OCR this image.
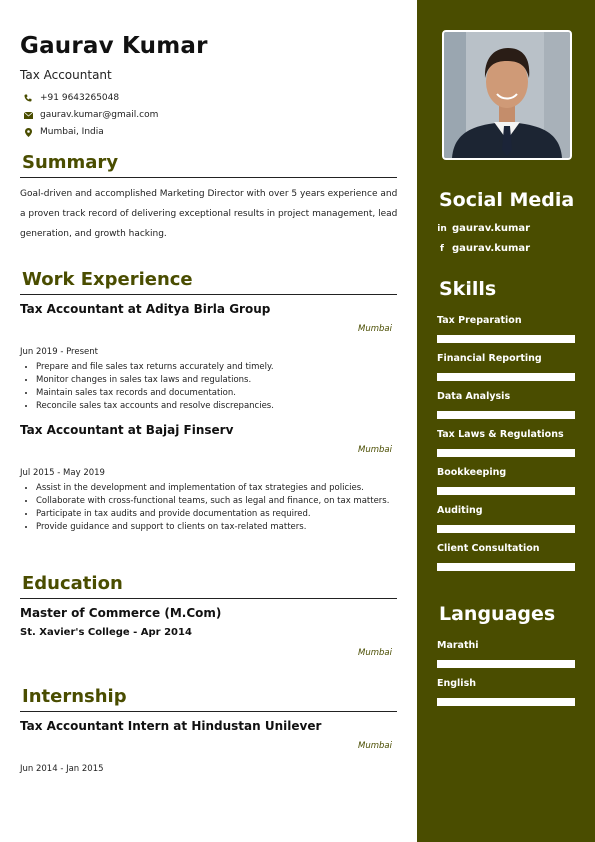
Gaurav Kumar
Tax Accountant
+91 9643265048
gaurav.kumar@gmail.com
Mumbai, India
Summary

Goal-driven and accomplished Marketing Director with over 5 years experience and a proven track record of delivering exceptional results in project management, lead generation, and growth hacking.

Work Experience
Tax Accountant at Aditya Birla Group
Mumbai
Jun 2019 - Present
• Prepare and file sales tax returns accurately and timely.
• Monitor changes in sales tax laws and regulations.
• Maintain sales tax records and documentation.
• Reconcile sales tax accounts and resolve discrepancies.
Tax Accountant at Bajaj Finserv
Mumbai
Jul 2015 - May 2019
• Assist in the development and implementation of tax strategies and policies.
• Collaborate with cross-functional teams, such as legal and finance, on tax matters.
• Participate in tax audits and provide documentation as required.
• Provide guidance and support to clients on tax-related matters.
Education
Master of Commerce (M.Com)
St. Xavier's College - Apr 2014
Mumbai
Internship
Tax Accountant Intern at Hindustan Unilever
Mumbai
Jun 2014 - Jan 2015
Social Media
in gaurav.kumar
f gaurav.kumar
Skills
Tax Preparation
Financial Reporting
Data Analysis
Tax Laws & Regulations
Bookkeeping
Auditing
Client Consultation
Languages
Marathi
English
